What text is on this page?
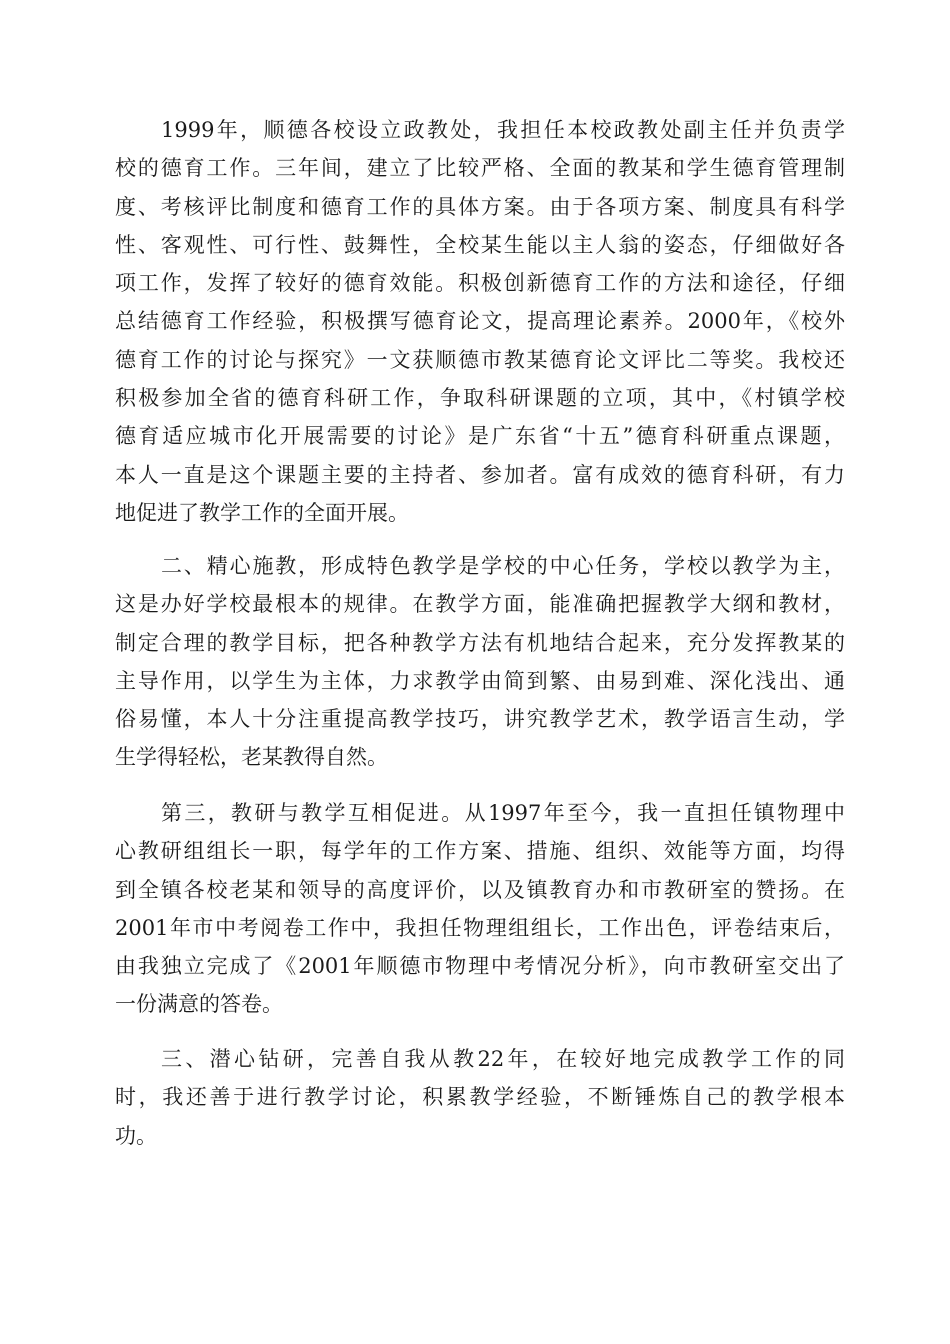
1999年，顺德各校设立政教处，我担任本校政教处副主任并负责学
校的德育工作。三年间，建立了比较严格、全面的教某和学生德育管理制
度、考核评比制度和德育工作的具体方案。由于各项方案、制度具有科学
性、客观性、可行性、鼓舞性，全校某生能以主人翁的姿态，仔细做好各
项工作，发挥了较好的德育效能。积极创新德育工作的方法和途径，仔细
总结德育工作经验，积极撰写德育论文，提高理论素养。2000年，《校外
德育工作的讨论与探究》一文获顺德市教某德育论文评比二等奖。我校还
积极参加全省的德育科研工作，争取科研课题的立项，其中，《村镇学校
德育适应城市化开展需要的讨论》是广东省“十五”德育科研重点课题，
本人一直是这个课题主要的主持者、参加者。富有成效的德育科研，有力
地促进了教学工作的全面开展。
二、精心施教，形成特色教学是学校的中心任务，学校以教学为主，
这是办好学校最根本的规律。在教学方面，能准确把握教学大纲和教材，
制定合理的教学目标，把各种教学方法有机地结合起来，充分发挥教某的
主导作用，以学生为主体，力求教学由简到繁、由易到难、深化浅出、通
俗易懂，本人十分注重提高教学技巧，讲究教学艺术，教学语言生动，学
生学得轻松，老某教得自然。
第三，教研与教学互相促进。从1997年至今，我一直担任镇物理中
心教研组组长一职，每学年的工作方案、措施、组织、效能等方面，均得
到全镇各校老某和领导的高度评价，以及镇教育办和市教研室的赞扬。在
2001年市中考阅卷工作中，我担任物理组组长，工作出色，评卷结束后，
由我独立完成了《2001年顺德市物理中考情况分析》，向市教研室交出了
一份满意的答卷。
三、潜心钻研，完善自我从教22年，在较好地完成教学工作的同
时，我还善于进行教学讨论，积累教学经验，不断锤炼自己的教学根本
功。
